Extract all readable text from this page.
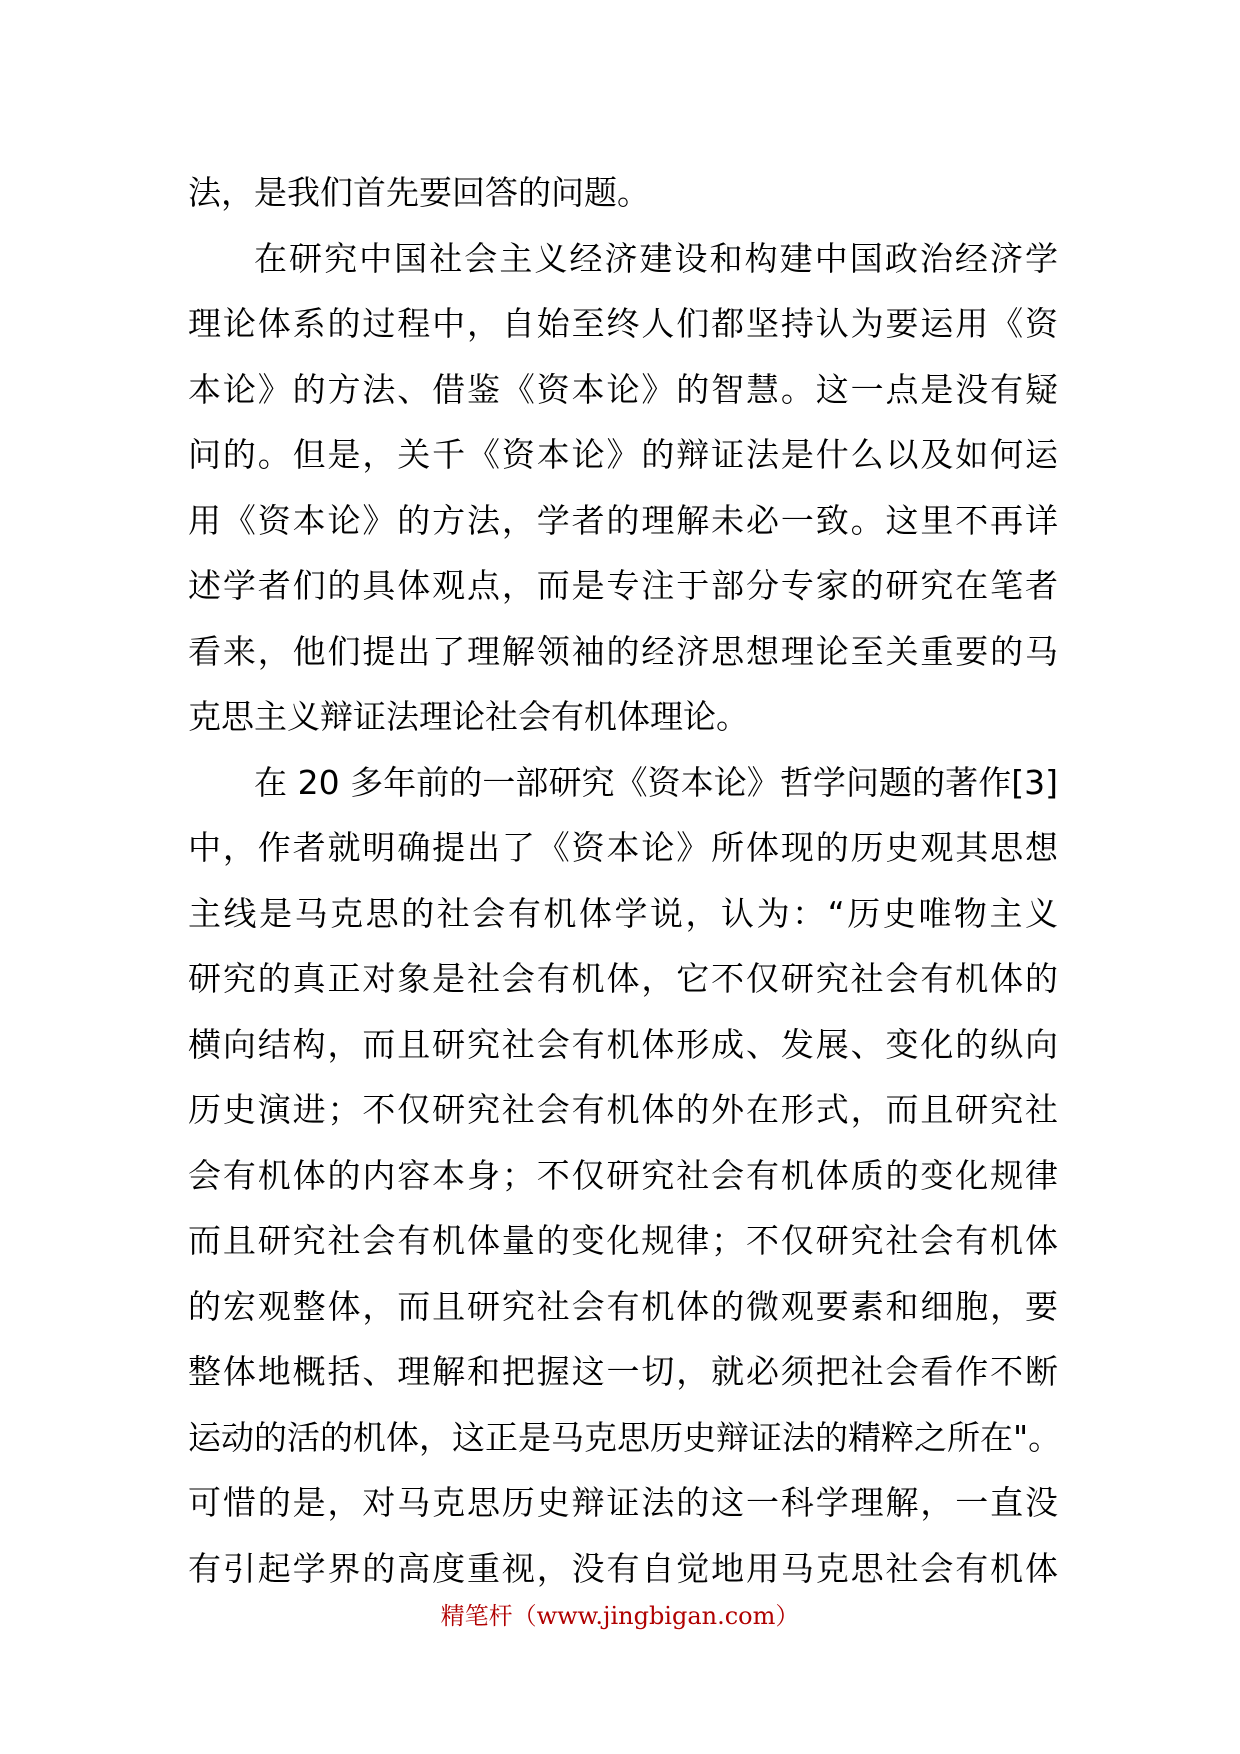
法，是我们首先要回答的问题。
在研究中国社会主义经济建设和构建中国政治经济学
理论体系的过程中，自始至终人们都坚持认为要运用《资
本论》的方法、借鉴《资本论》的智慧。这一点是没有疑
问的。但是，关千《资本论》的辩证法是什么以及如何运
用《资本论》的方法，学者的理解未必一致。这里不再详
述学者们的具体观点，而是专注于部分专家的研究在笔者
看来，他们提出了理解领袖的经济思想理论至关重要的马
克思主义辩证法理论社会有机体理论。
在 20 多年前的一部研究《资本论》哲学问题的著作[3]
中，作者就明确提出了《资本论》所体现的历史观其思想
主线是马克思的社会有机体学说，认为：“历史唯物主义
研究的真正对象是社会有机体，它不仅研究社会有机体的
横向结构，而且研究社会有机体形成、发展、变化的纵向
历史演进；不仅研究社会有机体的外在形式，而且研究社
会有机体的内容本身；不仅研究社会有机体质的变化规律
而且研究社会有机体量的变化规律；不仅研究社会有机体
的宏观整体，而且研究社会有机体的微观要素和细胞，要
整体地概括、理解和把握这一切，就必须把社会看作不断
运动的活的机体，这正是马克思历史辩证法的精粹之所在"。
可惜的是，对马克思历史辩证法的这一科学理解，一直没
有引起学界的高度重视，没有自觉地用马克思社会有机体
精笔杆（www.jingbigan.com）
